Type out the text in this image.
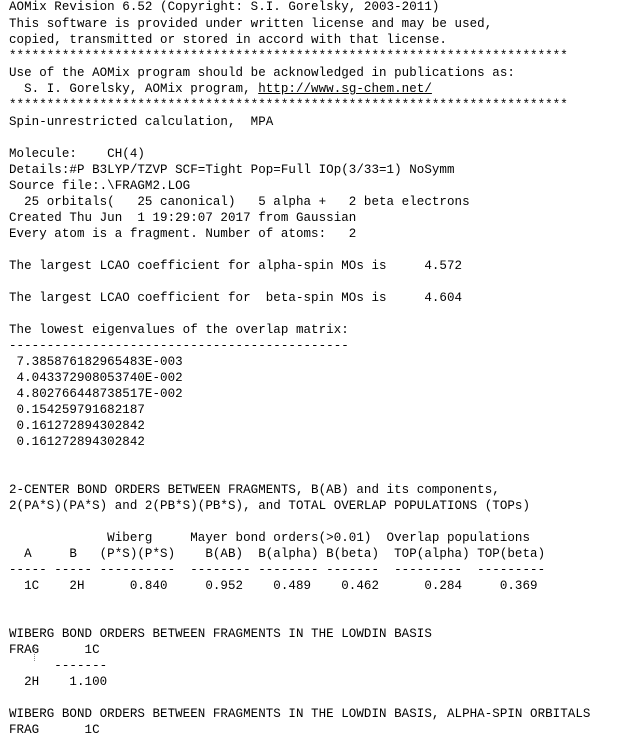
AOMix Revision 6.52 (Copyright: S.I. Gorelsky, 2003-2011)
This software is provided under written license and may be used,
copied, transmitted or stored in accord with that license.
**************************************************************************
Use of the AOMix program should be acknowledged in publications as:
S. I. Gorelsky, AOMix program, http://www.sg-chem.net/
**************************************************************************
Spin-unrestricted calculation,  MPA
Molecule:    CH(4)
Details:#P B3LYP/TZVP SCF=Tight Pop=Full IOp(3/33=1) NoSymm
Source file:.\FRAGM2.LOG
25 orbitals(   25 canonical)   5 alpha +   2 beta electrons
Created Thu Jun  1 19:29:07 2017 from Gaussian
Every atom is a fragment. Number of atoms:   2
The largest LCAO coefficient for alpha-spin MOs is     4.572
The largest LCAO coefficient for  beta-spin MOs is     4.604
The lowest eigenvalues of the overlap matrix:
---------------------------------------------
7.385876182965483E-003
4.043372908053740E-002
4.802766448738517E-002
0.154259791682187
0.161272894302842
0.161272894302842
2-CENTER BOND ORDERS BETWEEN FRAGMENTS, B(AB) and its components,
2(PA*S)(PA*S) and 2(PB*S)(PB*S), and TOTAL OVERLAP POPULATIONS (TOPs)
Wiberg     Mayer bond orders(>0.01)  Overlap populations
A     B   (P*S)(P*S)    B(AB)  B(alpha) B(beta)  TOP(alpha) TOP(beta)
----- ----- ----------  -------- -------- -------  ---------  ---------
1C    2H      0.840     0.952    0.489    0.462      0.284     0.369
WIBERG BOND ORDERS BETWEEN FRAGMENTS IN THE LOWDIN BASIS
FRAG      1C
-------
2H    1.100
WIBERG BOND ORDERS BETWEEN FRAGMENTS IN THE LOWDIN BASIS, ALPHA-SPIN ORBITALS
FRAG      1C
